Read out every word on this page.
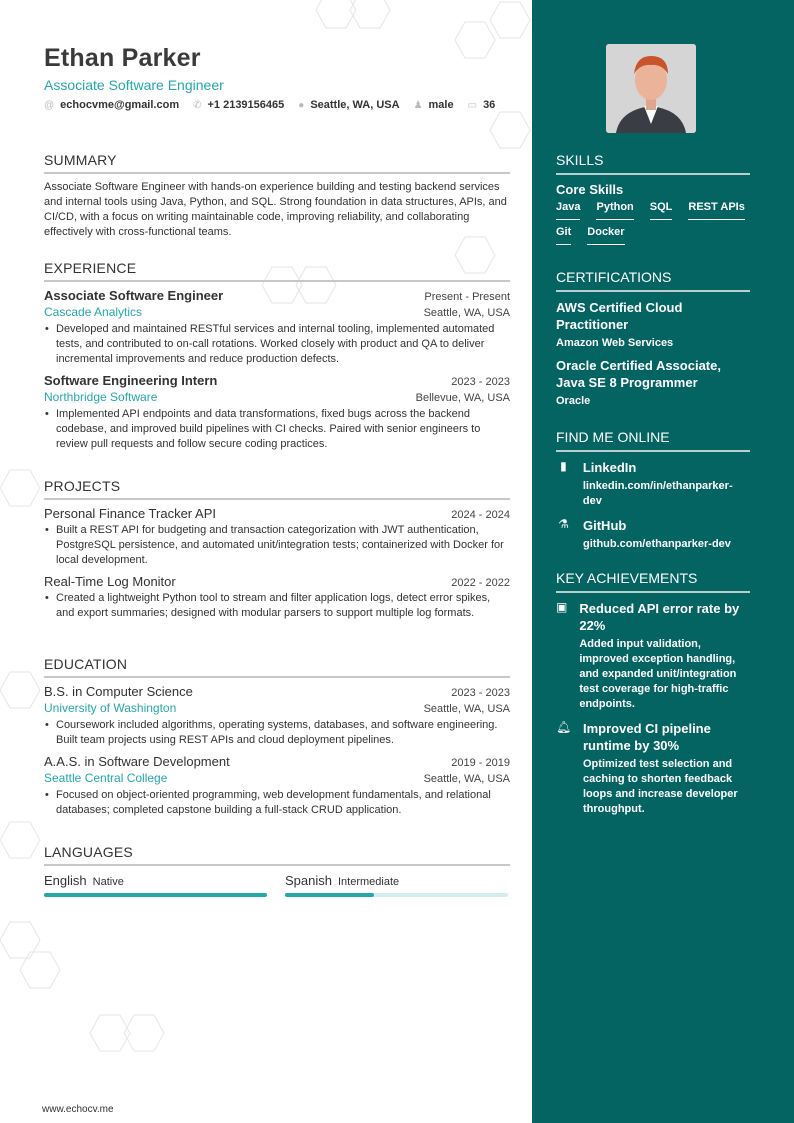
Ethan Parker
Associate Software Engineer
@ echocvme@gmail.com ✆ +1 2139156465 ● Seattle, WA, USA ♟ male ▭ 36
SUMMARY
Associate Software Engineer with hands-on experience building and testing backend services and internal tools using Java, Python, and SQL. Strong foundation in data structures, APIs, and CI/CD, with a focus on writing maintainable code, improving reliability, and collaborating effectively with cross-functional teams.
EXPERIENCE
Associate Software Engineer	Present - Present
Cascade Analytics	Seattle, WA, USA
• Developed and maintained RESTful services and internal tooling, implemented automated tests, and contributed to on-call rotations. Worked closely with product and QA to deliver incremental improvements and reduce production defects.
Software Engineering Intern	2023 - 2023
Northbridge Software	Bellevue, WA, USA
• Implemented API endpoints and data transformations, fixed bugs across the backend codebase, and improved build pipelines with CI checks. Paired with senior engineers to review pull requests and follow secure coding practices.
PROJECTS
Personal Finance Tracker API	2024 - 2024
• Built a REST API for budgeting and transaction categorization with JWT authentication, PostgreSQL persistence, and automated unit/integration tests; containerized with Docker for local development.
Real-Time Log Monitor	2022 - 2022
• Created a lightweight Python tool to stream and filter application logs, detect error spikes, and export summaries; designed with modular parsers to support multiple log formats.
EDUCATION
B.S. in Computer Science	2023 - 2023
University of Washington	Seattle, WA, USA
• Coursework included algorithms, operating systems, databases, and software engineering. Built team projects using REST APIs and cloud deployment pipelines.
A.A.S. in Software Development	2019 - 2019
Seattle Central College	Seattle, WA, USA
• Focused on object-oriented programming, web development fundamentals, and relational databases; completed capstone building a full-stack CRUD application.
LANGUAGES
English Native	Spanish Intermediate
www.echocv.me
SKILLS
Core Skills
Java Python SQL REST APIs
Git Docker
CERTIFICATIONS
AWS Certified Cloud Practitioner
Amazon Web Services
Oracle Certified Associate, Java SE 8 Programmer
Oracle
FIND ME ONLINE
▮	LinkedIn
linkedin.com/in/ethanparker-dev
⚗ GitHub
github.com/ethanparker-dev
KEY ACHIEVEMENTS
▣ Reduced API error rate by 22%
Added input validation, improved exception handling, and expanded unit/integration test coverage for high-traffic endpoints.
🔔︎ Improved CI pipeline runtime by 30%
Optimized test selection and caching to shorten feedback loops and increase developer throughput.
